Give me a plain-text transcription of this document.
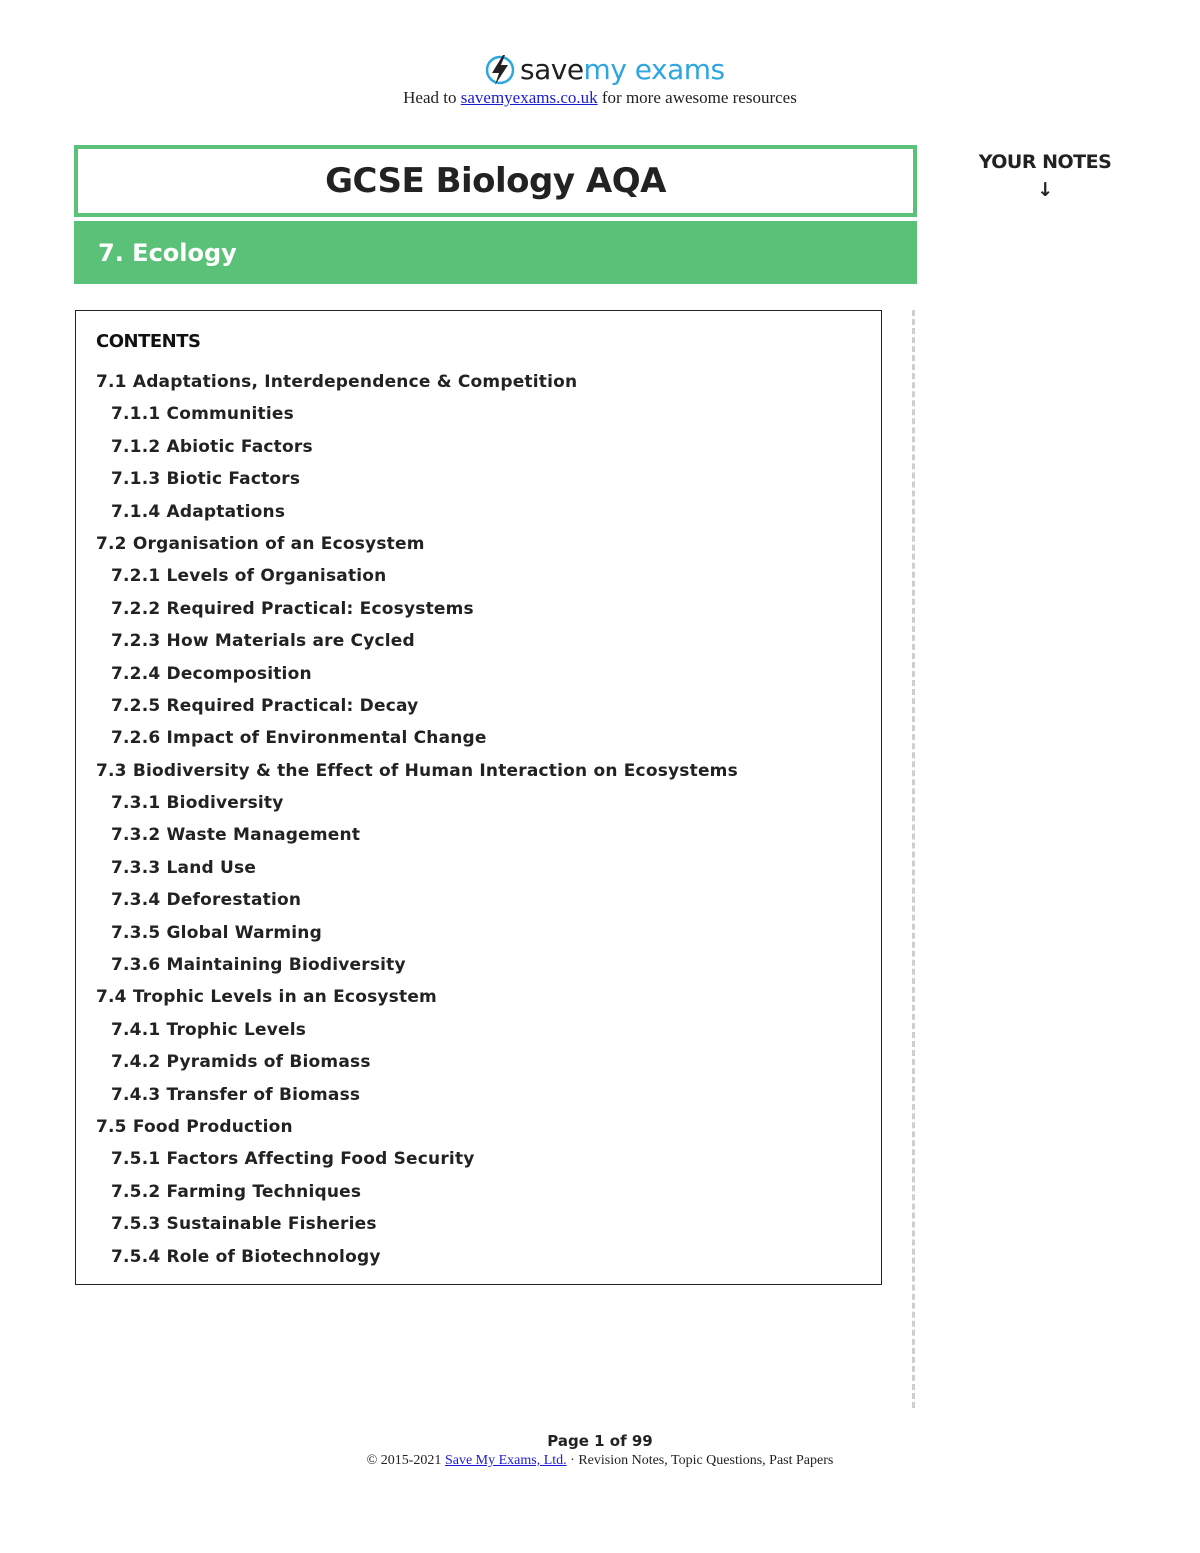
savemy exams
Head to savemyexams.co.uk for more awesome resources
GCSE Biology AQA
7. Ecology
YOUR NOTES
↓
CONTENTS
7.1 Adaptations, Interdependence & Competition
7.1.1 Communities
7.1.2 Abiotic Factors
7.1.3 Biotic Factors
7.1.4 Adaptations
7.2 Organisation of an Ecosystem
7.2.1 Levels of Organisation
7.2.2 Required Practical: Ecosystems
7.2.3 How Materials are Cycled
7.2.4 Decomposition
7.2.5 Required Practical: Decay
7.2.6 Impact of Environmental Change
7.3 Biodiversity & the Effect of Human Interaction on Ecosystems
7.3.1 Biodiversity
7.3.2 Waste Management
7.3.3 Land Use
7.3.4 Deforestation
7.3.5 Global Warming
7.3.6 Maintaining Biodiversity
7.4 Trophic Levels in an Ecosystem
7.4.1 Trophic Levels
7.4.2 Pyramids of Biomass
7.4.3 Transfer of Biomass
7.5 Food Production
7.5.1 Factors Affecting Food Security
7.5.2 Farming Techniques
7.5.3 Sustainable Fisheries
7.5.4 Role of Biotechnology
Page 1 of 99
© 2015-2021 Save My Exams, Ltd. · Revision Notes, Topic Questions, Past Papers
